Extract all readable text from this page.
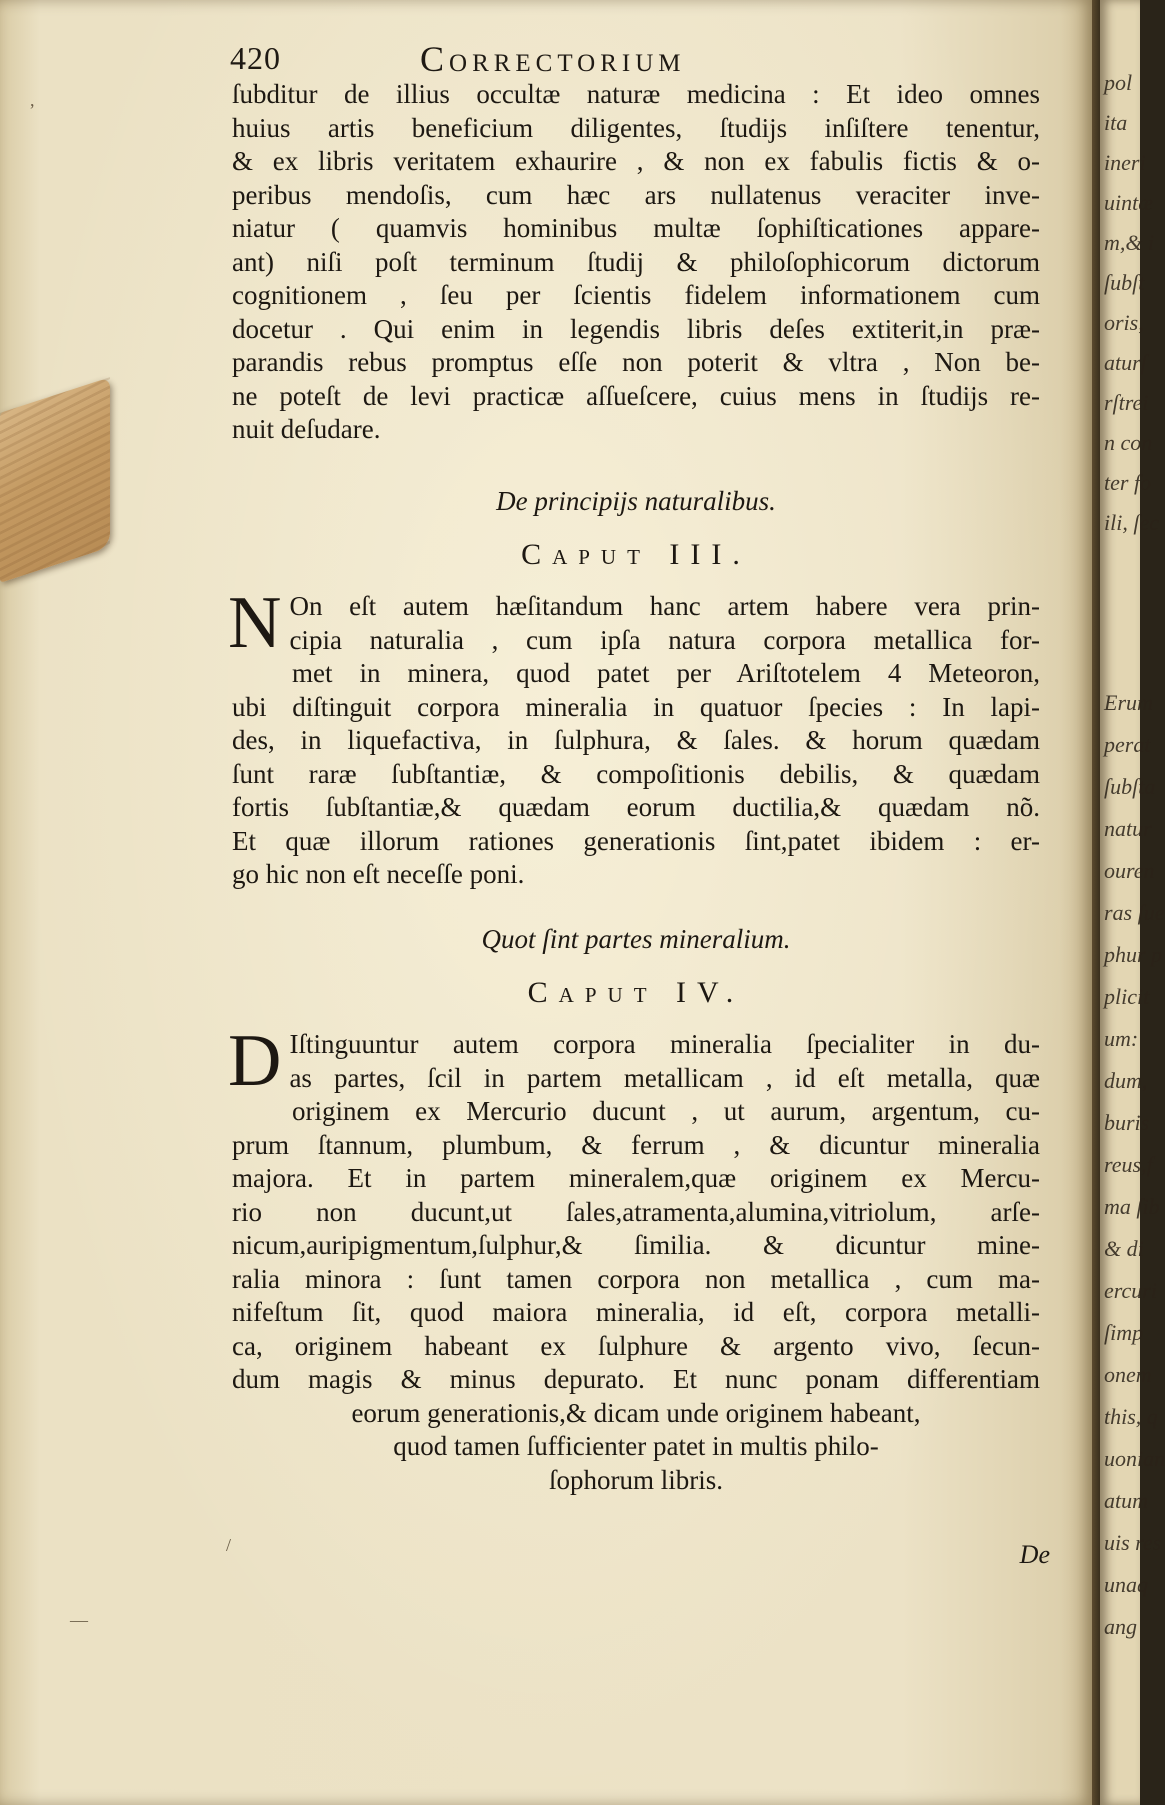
pol
ita
ineri
uintæ
m,& i
ſubſt
oris,
aturſ
rſtrei
n con
ter fo
ili, ſec
Erum
perat
ſubſta
natur
ouren
ras ſue
phur p
plicit
um:
dum,
buris
reus,f
ma ſib
& di
ercuri
ſimp
onem
this, q
uonian
atum
uis res
unaq
ang
420	Correctorium
ſubditur de illius occultæ naturæ medicina : Et ideo omnes
huius artis beneficium diligentes, ſtudijs inſiſtere tenentur,
& ex libris veritatem exhaurire , & non ex fabulis fictis & o-
peribus mendoſis, cum hæc ars nullatenus veraciter inve-
niatur ( quamvis hominibus multæ ſophiſticationes appare-
ant) niſi poſt terminum ſtudij & philoſophicorum dictorum
cognitionem , ſeu per ſcientis fidelem informationem cum
docetur . Qui enim in legendis libris deſes extiterit,in præ-
parandis rebus promptus eſſe non poterit & vltra , Non be-
ne poteſt de levi practicæ aſſueſcere, cuius mens in ſtudijs re-
nuit deſudare.
De principijs naturalibus.
Caput III.
N On eſt autem hæſitandum hanc artem habere vera prin-
cipia naturalia , cum ipſa natura corpora metallica for-
met in minera, quod patet per Ariſtotelem 4 Meteoron,
ubi diſtinguit corpora mineralia in quatuor ſpecies : In lapi-
des, in liquefactiva, in ſulphura, & ſales. & horum quædam
ſunt raræ ſubſtantiæ, & compoſitionis debilis, & quædam
fortis ſubſtantiæ,& quædam eorum ductilia,& quædam nõ.
Et quæ illorum rationes generationis ſint,patet ibidem : er-
go hic non eſt neceſſe poni.
Quot ſint partes mineralium.
Caput IV.
D Iſtinguuntur autem corpora mineralia ſpecialiter in du-
as partes, ſcil in partem metallicam , id eſt metalla, quæ
originem ex Mercurio ducunt , ut aurum, argentum, cu-
prum ſtannum, plumbum, & ferrum , & dicuntur mineralia
majora. Et in partem mineralem,quæ originem ex Mercu-
rio non ducunt,ut ſales,atramenta,alumina,vitriolum, arſe-
nicum,auripigmentum,ſulphur,& ſimilia. & dicuntur mine-
ralia minora : ſunt tamen corpora non metallica , cum ma-
nifeſtum ſit, quod maiora mineralia, id eſt, corpora metalli-
ca, originem habeant ex ſulphure & argento vivo, ſecun-
dum magis & minus depurato. Et nunc ponam differentiam
eorum generationis,& dicam unde originem habeant,
quod tamen ſufficienter patet in multis philo-
ſophorum libris.
De
,
/
—
